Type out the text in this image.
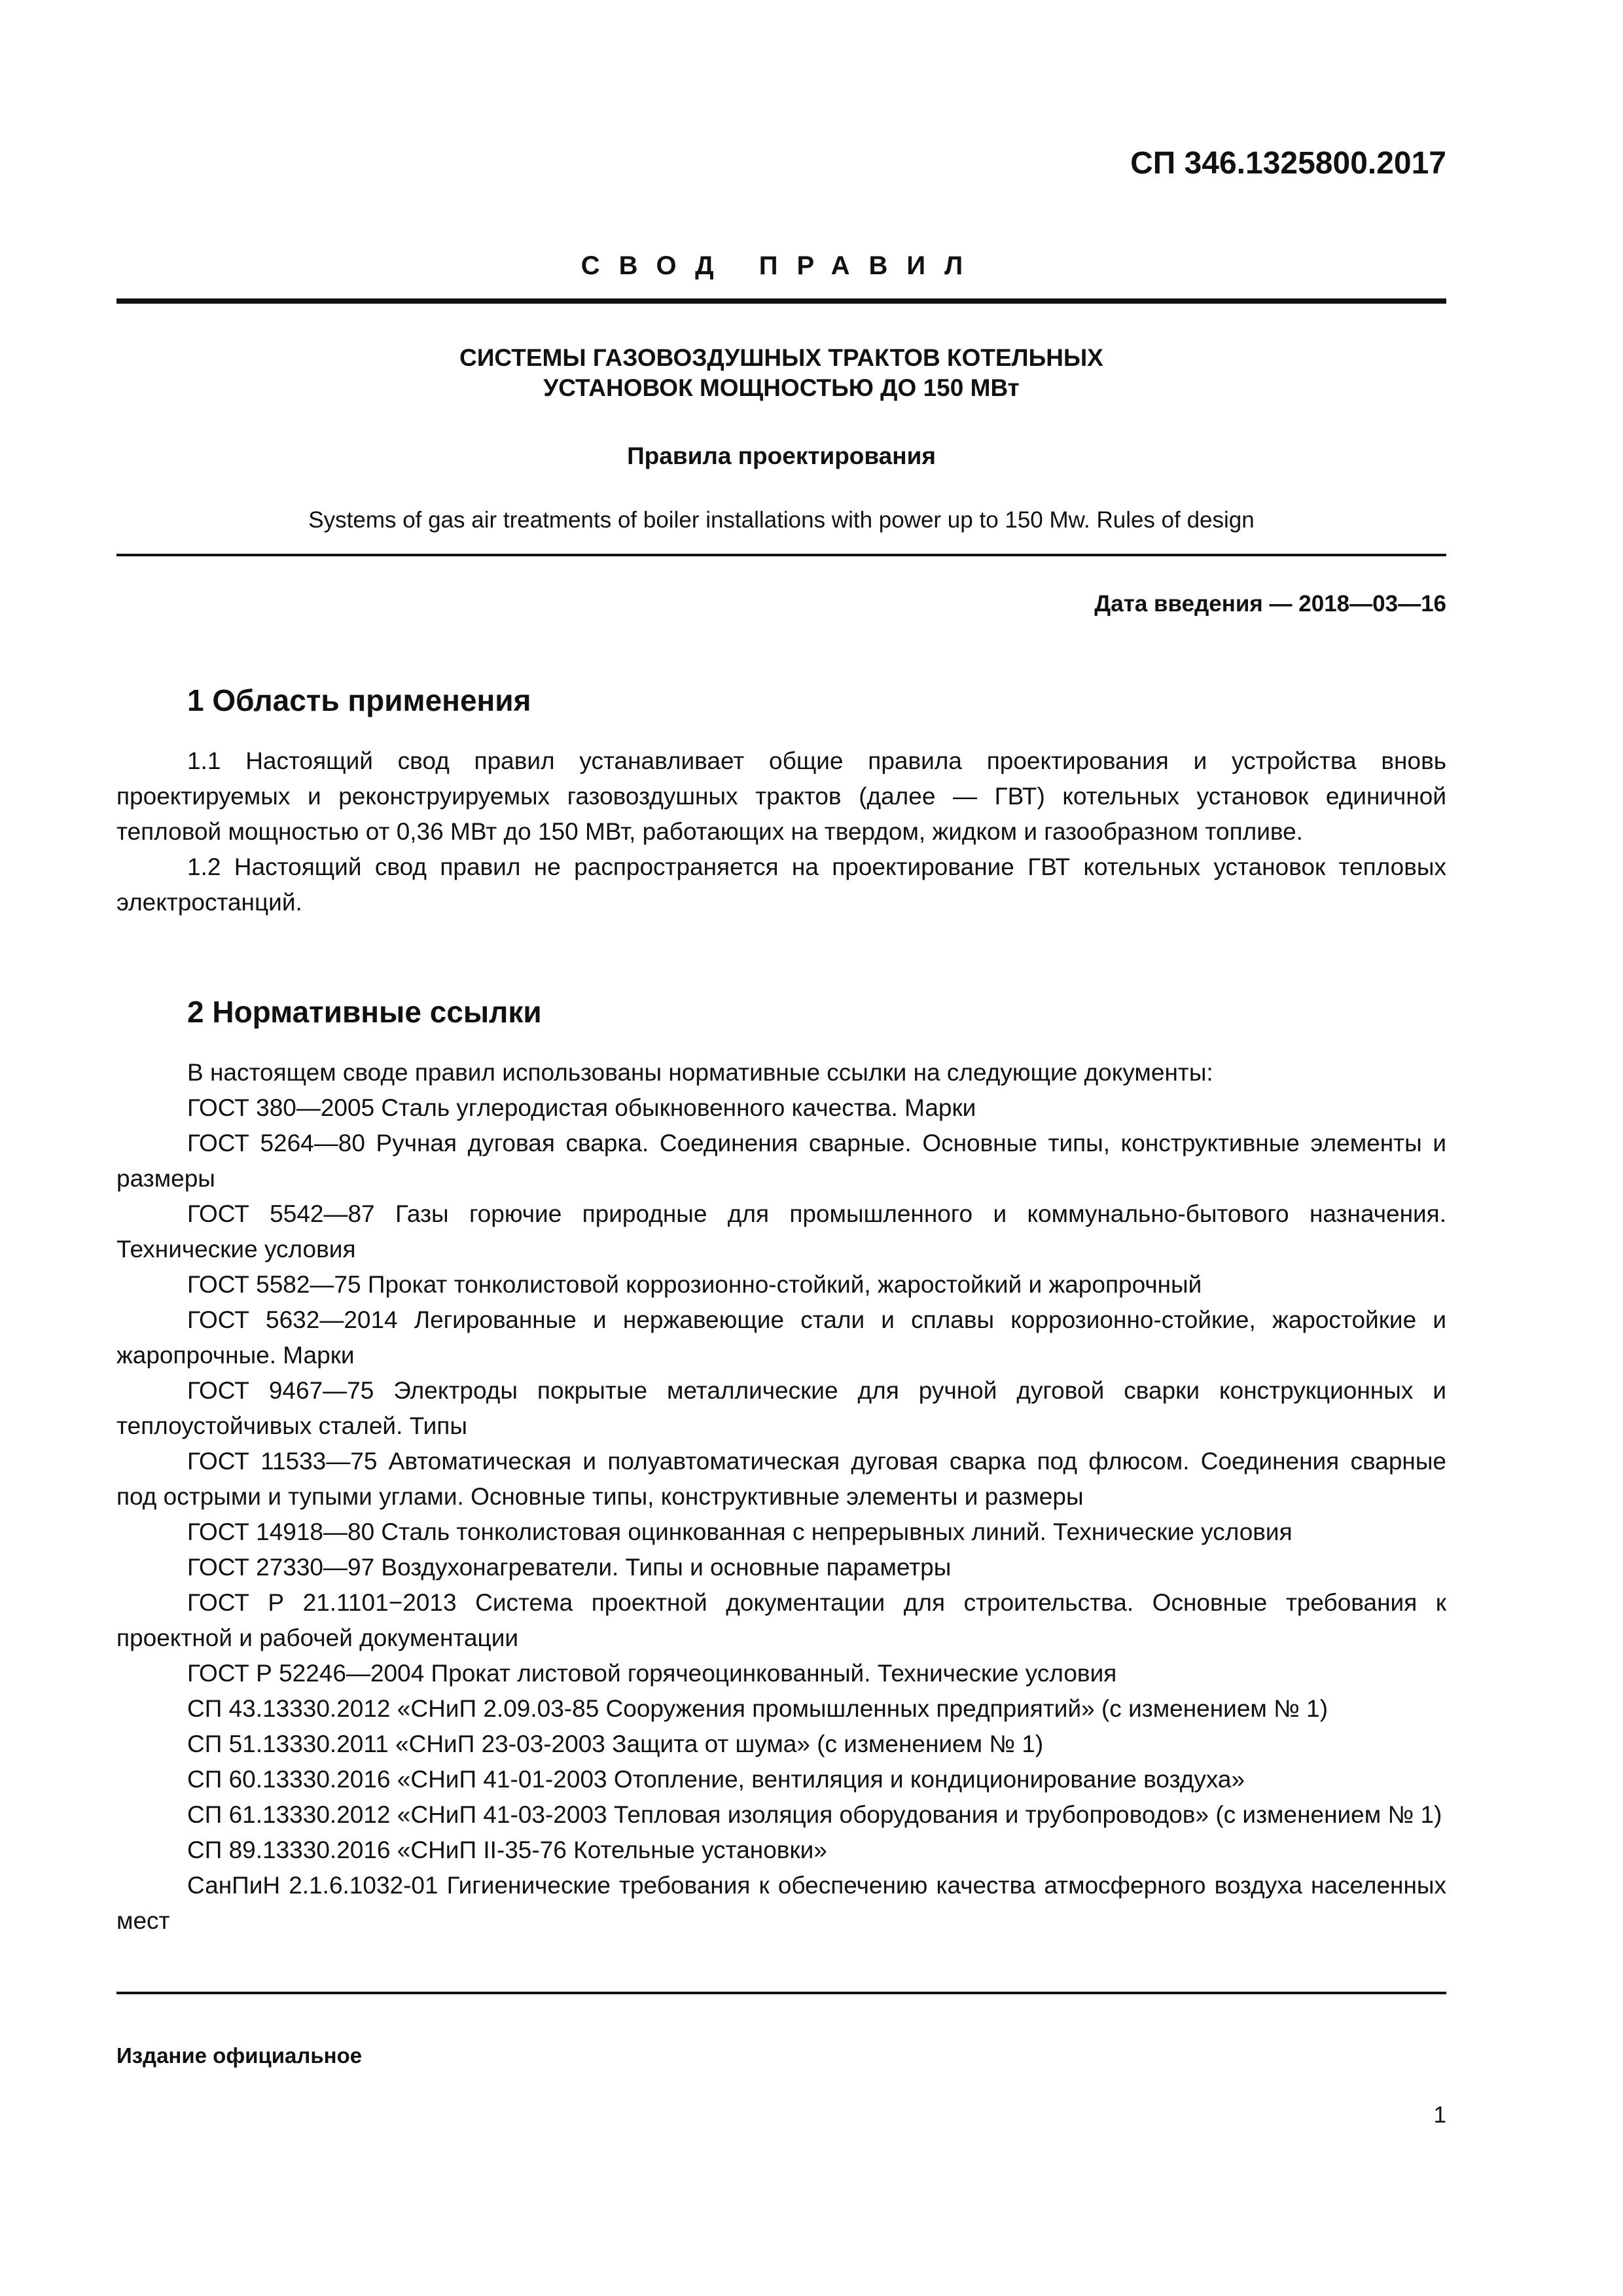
СП 346.1325800.2017
СВОД ПРАВИЛ
СИСТЕМЫ ГАЗОВОЗДУШНЫХ ТРАКТОВ КОТЕЛЬНЫХ
УСТАНОВОК МОЩНОСТЬЮ ДО 150 МВт
Правила проектирования
Systems of gas air treatments of boiler installations with power up to 150 Mw. Rules of design
Дата введения — 2018—03—16
1 Область применения

1.1 Настоящий свод правил устанавливает общие правила проектирования и устройства вновь проектируемых и реконструируемых газовоздушных трактов (далее — ГВТ) котельных установок единичной тепловой мощностью от 0,36 МВт до 150 МВт, работающих на твердом, жидком и газообразном топливе.

1.2 Настоящий свод правил не распространяется на проектирование ГВТ котельных установок тепловых электростанций.

2 Нормативные ссылки

В настоящем своде правил использованы нормативные ссылки на следующие документы:

ГОСТ 380—2005 Сталь углеродистая обыкновенного качества. Марки

ГОСТ 5264—80 Ручная дуговая сварка. Соединения сварные. Основные типы, конструктивные элементы и размеры

ГОСТ 5542—87 Газы горючие природные для промышленного и коммунально-бытового назначения. Технические условия

ГОСТ 5582—75 Прокат тонколистовой коррозионно-стойкий, жаростойкий и жаропрочный

ГОСТ 5632—2014 Легированные и нержавеющие стали и сплавы коррозионно-стойкие, жаростойкие и жаропрочные. Марки

ГОСТ 9467—75 Электроды покрытые металлические для ручной дуговой сварки конструкционных и теплоустойчивых сталей. Типы

ГОСТ 11533—75 Автоматическая и полуавтоматическая дуговая сварка под флюсом. Соединения сварные под острыми и тупыми углами. Основные типы, конструктивные элементы и размеры

ГОСТ 14918—80 Сталь тонколистовая оцинкованная с непрерывных линий. Технические условия

ГОСТ 27330—97 Воздухонагреватели. Типы и основные параметры

ГОСТ Р 21.1101−2013 Система проектной документации для строительства. Основные требования к проектной и рабочей документации

ГОСТ Р 52246—2004 Прокат листовой горячеоцинкованный. Технические условия

СП 43.13330.2012 «СНиП 2.09.03-85 Сооружения промышленных предприятий» (с изменением № 1)

СП 51.13330.2011 «СНиП 23-03-2003 Защита от шума» (с изменением № 1)

СП 60.13330.2016 «СНиП 41-01-2003 Отопление, вентиляция и кондиционирование воздуха»

СП 61.13330.2012 «СНиП 41-03-2003 Тепловая изоляция оборудования и трубопроводов» (с изменением № 1)

СП 89.13330.2016 «СНиП II-35-76 Котельные установки»

СанПиН 2.1.6.1032-01 Гигиенические требования к обеспечению качества атмосферного воздуха населенных мест

Издание официальное
1
